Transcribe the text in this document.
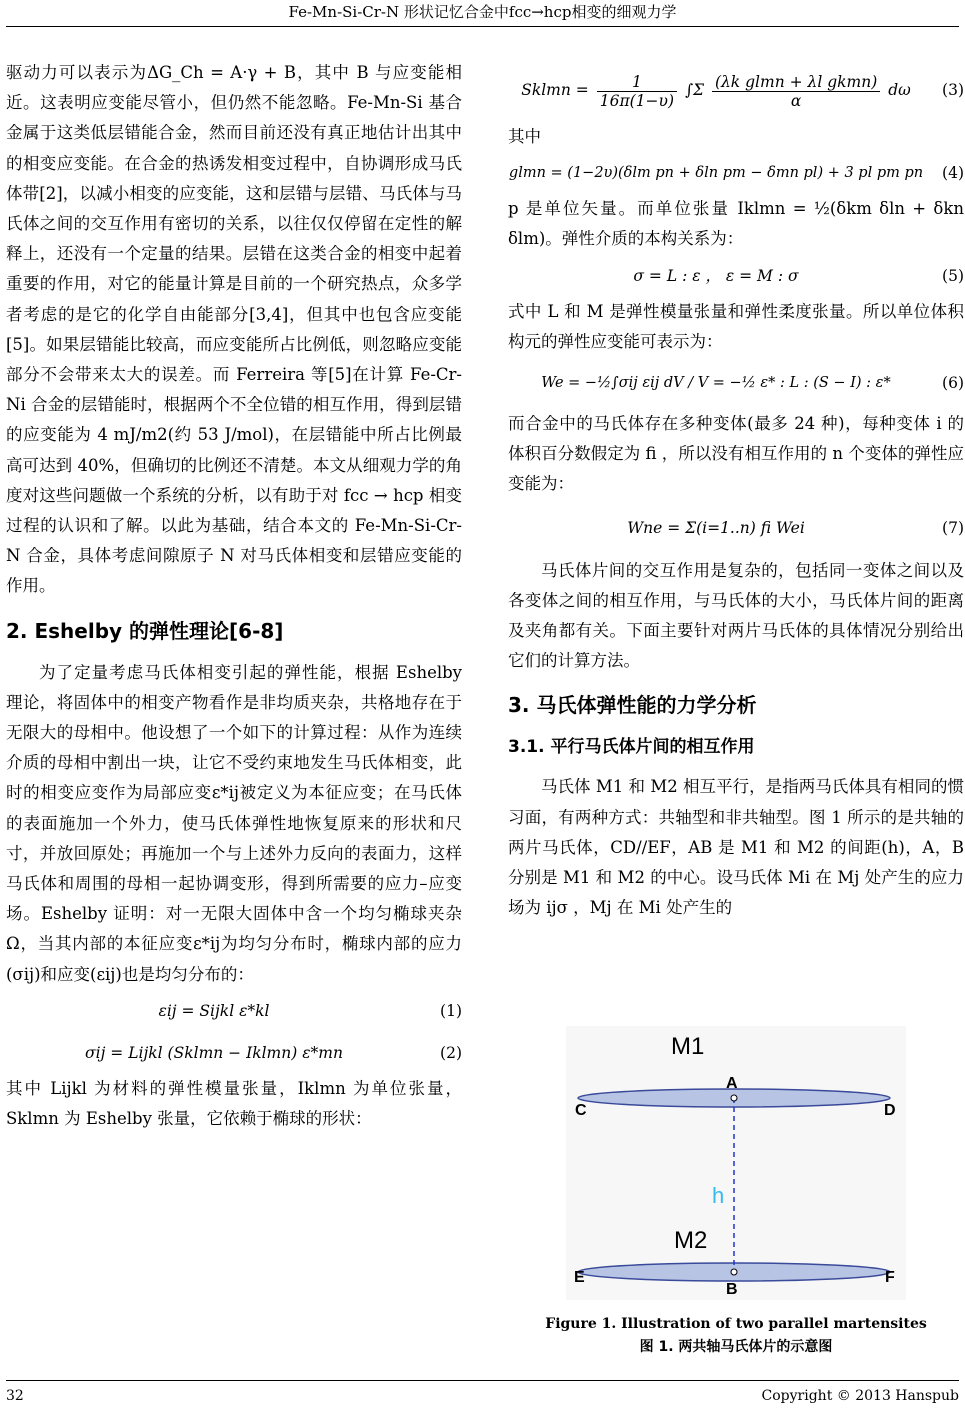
Fe-Mn-Si-Cr-N 形状记忆合金中fcc→hcp相变的细观力学

驱动力可以表示为ΔG_Ch = A·γ + B，其中 B 与应变能相近。这表明应变能尽管小，但仍然不能忽略。Fe-Mn-Si 基合金属于这类低层错能合金，然而目前还没有真正地估计出其中的相变应变能。在合金的热诱发相变过程中，自协调形成马氏体带[2]，以减小相变的应变能，这和层错与层错、马氏体与马氏体之间的交互作用有密切的关系，以往仅仅停留在定性的解释上，还没有一个定量的结果。层错在这类合金的相变中起着重要的作用，对它的能量计算是目前的一个研究热点，众多学者考虑的是它的化学自由能部分[3,4]，但其中也包含应变能[5]。如果层错能比较高，而应变能所占比例低，则忽略应变能部分不会带来太大的误差。而 Ferreira 等[5]在计算 Fe-Cr-Ni 合金的层错能时，根据两个不全位错的相互作用，得到层错的应变能为 4 mJ/m2(约 53 J/mol)，在层错能中所占比例最高可达到 40%，但确切的比例还不清楚。本文从细观力学的角度对这些问题做一个系统的分析，以有助于对 fcc → hcp 相变过程的认识和了解。以此为基础，结合本文的 Fe-Mn-Si-Cr-N 合金，具体考虑间隙原子 N 对马氏体相变和层错应变能的作用。

2. Eshelby 的弹性理论[6-8]

为了定量考虑马氏体相变引起的弹性能，根据 Eshelby 理论，将固体中的相变产物看作是非均质夹杂，共格地存在于无限大的母相中。他设想了一个如下的计算过程：从作为连续介质的母相中割出一块，让它不受约束地发生马氏体相变，此时的相变应变作为局部应变ε*ij被定义为本征应变；在马氏体的表面施加一个外力，使马氏体弹性地恢复原来的形状和尺寸，并放回原处；再施加一个与上述外力反向的表面力，这样马氏体和周围的母相一起协调变形，得到所需要的应力–应变场。Eshelby 证明：对一无限大固体中含一个均匀椭球夹杂 Ω，当其内部的本征应变ε*ij为均匀分布时，椭球内部的应力(σij)和应变(εij)也是均匀分布的：

εij = Sijkl ε*kl	(1)
σij = Lijkl (Sklmn − Iklmn) ε*mn	(2)

其中 Lijkl 为材料的弹性模量张量，Iklmn 为单位张量，Sklmn 为 Eshelby 张量，它依赖于椭球的形状：

Sklmn = $\frac{1}{16\pi(1-\upsilon)} \int\Sigma \frac{\text{(λk glmn + λl gkmn)}}{\alpha}$ dω	(3)

其中

glmn = (1−2υ)(δlm pn + δln pm − δmn pl) + 3 pl pm pn (4)

p 是单位矢量。而单位张量 Iklmn = ½(δkm δln + δkn δlm)。弹性介质的本构关系为：

σ = L : ε ， ε = M : σ	(5)

式中 L 和 M 是弹性模量张量和弹性柔度张量。所以单位体积构元的弹性应变能可表示为：

We = −½∫σij εij dV / V = −½ ε* : L : (S − I) : ε*	(6)

而合金中的马氏体存在多种变体(最多 24 种)，每种变体 i 的体积百分数假定为 fi ，所以没有相互作用的 n 个变体的弹性应变能为：

Wne = Σ(i=1..n) fi Wei	(7)

马氏体片间的交互作用是复杂的，包括同一变体之间以及各变体之间的相互作用，与马氏体的大小，马氏体片间的距离及夹角都有关。下面主要针对两片马氏体的具体情况分别给出它们的计算方法。

3. 马氏体弹性能的力学分析
3.1. 平行马氏体片间的相互作用

马氏体 M1 和 M2 相互平行，是指两马氏体具有相同的惯习面，有两种方式：共轴型和非共轴型。图 1 所示的是共轴的两片马氏体，CD//EF，AB 是 M1 和 M2 的间距(h)，A，B 分别是 M1 和 M2 的中心。设马氏体 Mi 在 Mj 处产生的应力场为 ijσ ，Mj 在 Mi 处产生的

M1
A
C	D
h
M2
E	F
B
Figure 1. Illustration of two parallel martensites
图 1. 两共轴马氏体片的示意图
32	Copyright © 2013 Hanspub
